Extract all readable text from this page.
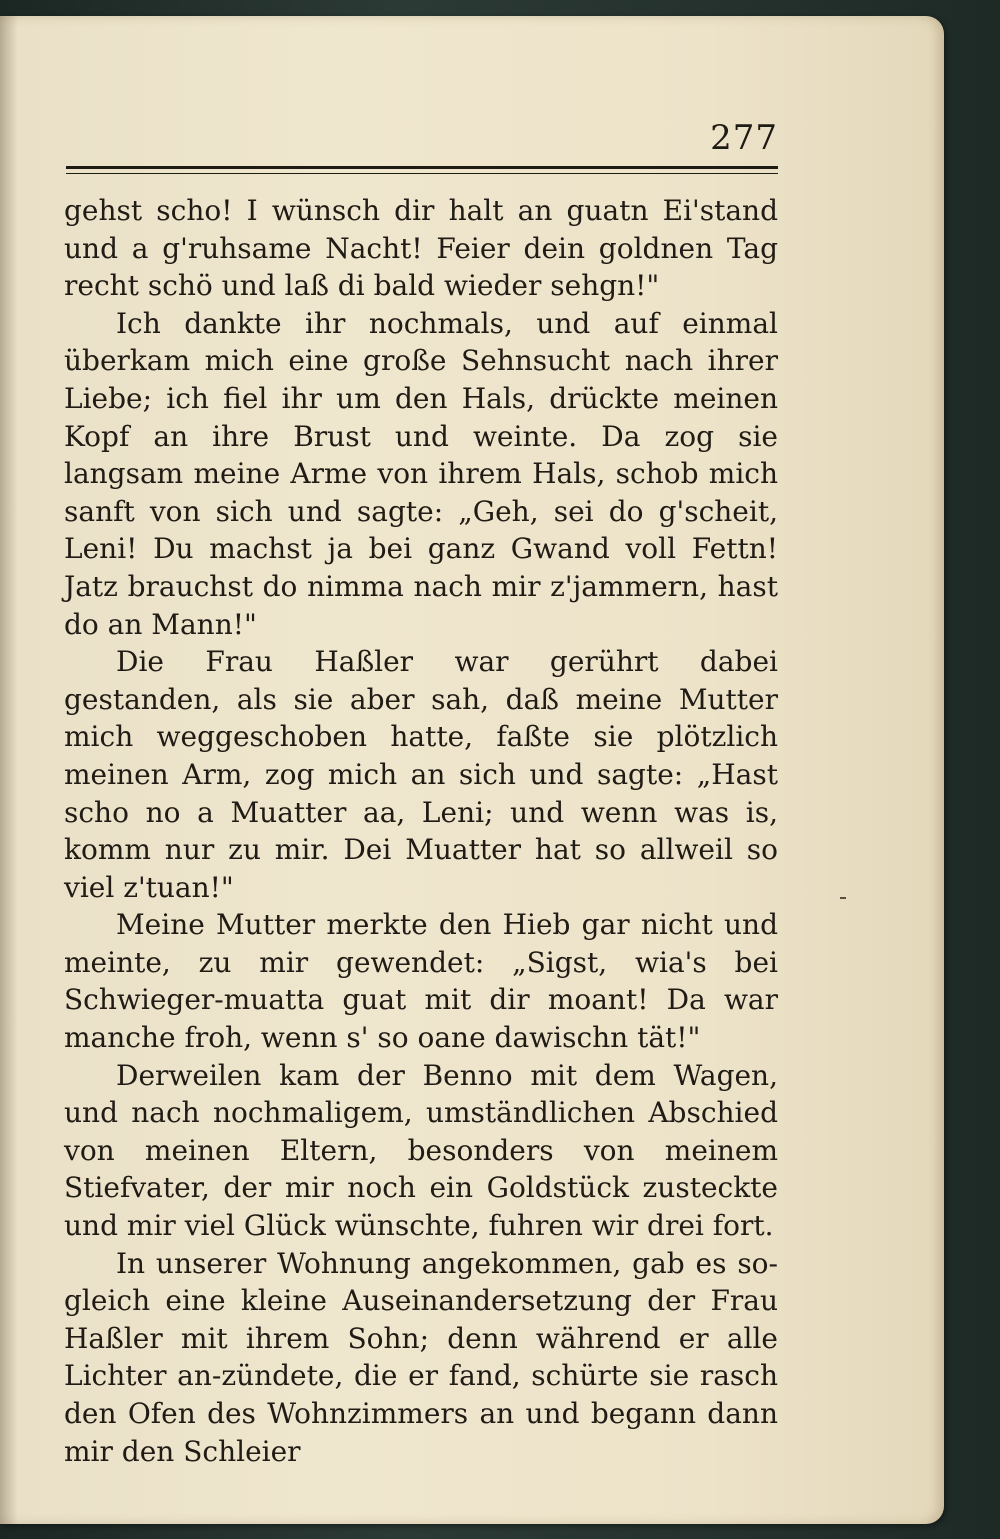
277

gehst scho! I wünsch dir halt an guatn Ei'stand und a g'ruhsame Nacht! Feier dein goldnen Tag recht schö und laß di bald wieder sehgn!"

Ich dankte ihr nochmals, und auf einmal überkam mich eine große Sehnsucht nach ihrer Liebe; ich fiel ihr um den Hals, drückte meinen Kopf an ihre Brust und weinte. Da zog sie langsam meine Arme von ihrem Hals, schob mich sanft von sich und sagte: „Geh, sei do g'scheit, Leni! Du machst ja bei ganz Gwand voll Fettn! Jatz brauchst do nimma nach mir z'jammern, hast do an Mann!"

Die Frau Haßler war gerührt dabei gestanden, als sie aber sah, daß meine Mutter mich weggeschoben hatte, faßte sie plötzlich meinen Arm, zog mich an sich und sagte: „Hast scho no a Muatter aa, Leni; und wenn was is, komm nur zu mir. Dei Muatter hat so allweil so viel z'tuan!"

Meine Mutter merkte den Hieb gar nicht und meinte, zu mir gewendet: „Sigst, wia's bei Schwieger-muatta guat mit dir moant! Da war manche froh, wenn s' so oane dawischn tät!"

Derweilen kam der Benno mit dem Wagen, und nach nochmaligem, umständlichen Abschied von meinen Eltern, besonders von meinem Stiefvater, der mir noch ein Goldstück zusteckte und mir viel Glück wünschte, fuhren wir drei fort.

In unserer Wohnung angekommen, gab es so-gleich eine kleine Auseinandersetzung der Frau Haßler mit ihrem Sohn; denn während er alle Lichter an-zündete, die er fand, schürte sie rasch den Ofen des Wohnzimmers an und begann dann mir den Schleier
